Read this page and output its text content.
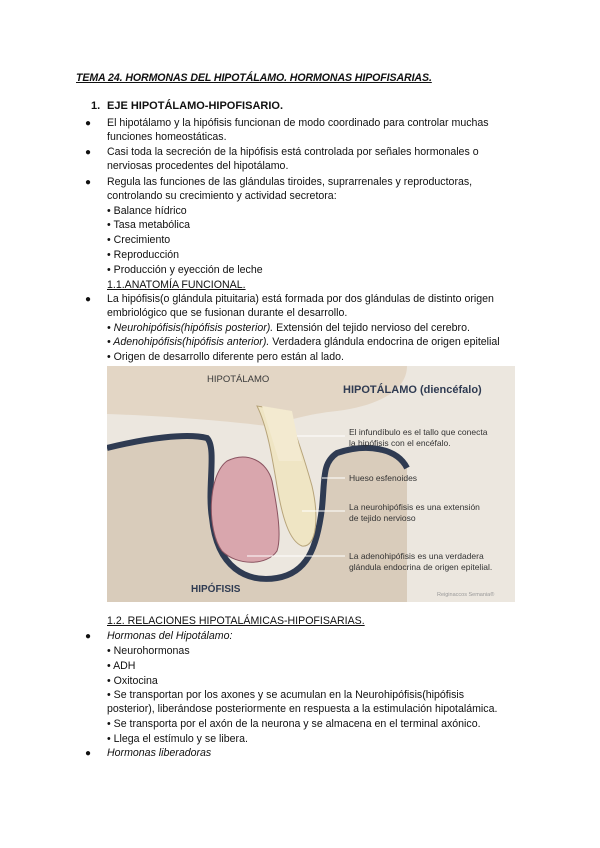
TEMA 24. HORMONAS DEL HIPOTÁLAMO. HORMONAS HIPOFISARIAS.
1. EJE HIPOTÁLAMO-HIPOFISARIO.
● El hipotálamo y la hipófisis funcionan de modo coordinado para controlar muchas
funciones homeostáticas.
● Casi toda la secreción de la hipófisis está controlada por señales hormonales o
nerviosas procedentes del hipotálamo.
● Regula las funciones de las glándulas tiroides, suprarrenales y reproductoras,
controlando su crecimiento y actividad secretora:
• Balance hídrico
• Tasa metabólica
• Crecimiento
• Reproducción
• Producción y eyección de leche
1.1.ANATOMÍA FUNCIONAL.
● La hipófisis(o glándula pituitaria) está formada por dos glándulas de distinto origen
embriológico que se fusionan durante el desarrollo.
• Neurohipófisis(hipófisis posterior). Extensión del tejido nervioso del cerebro.
• Adenohipófisis(hipófisis anterior). Verdadera glándula endocrina de origen epitelial
• Origen de desarrollo diferente pero están al lado.
HIPOTÁLAMO
HIPOTÁLAMO (diencéfalo)
El infundíbulo es el tallo que conecta
la hipófisis con el encéfalo.
Hueso esfenoides
La neurohipófisis es una extensión
de tejido nervioso
La adenohipófisis es una verdadera
glándula endocrina de origen epitelial.
HIPÓFISIS	Reiginaccos Semania®
1.2. RELACIONES HIPOTALÁMICAS-HIPOFISARIAS.
● Hormonas del Hipotálamo:
• Neurohormonas
• ADH
• Oxitocina
• Se transportan por los axones y se acumulan en la Neurohipófisis(hipófisis
posterior), liberándose posteriormente en respuesta a la estimulación hipotalámica.
• Se transporta por el axón de la neurona y se almacena en el terminal axónico.
• Llega el estímulo y se libera.
● Hormonas liberadoras
